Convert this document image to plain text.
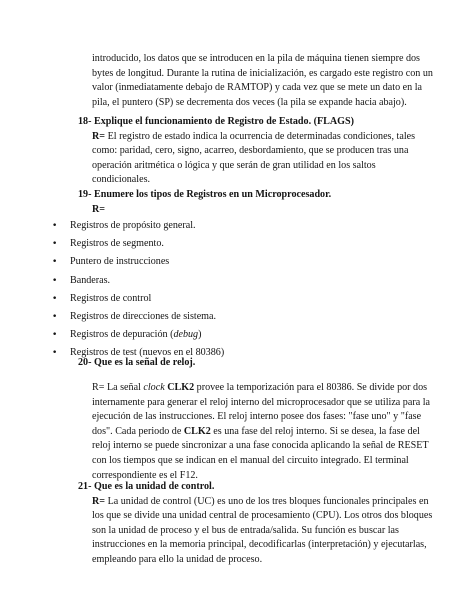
introducido, los datos que se introducen en la pila de máquina tienen siempre dos
bytes de longitud. Durante la rutina de inicialización, es cargado este registro con un
valor (inmediatamente debajo de RAMTOP) y cada vez que se mete un dato en la
pila, el puntero (SP) se decrementa dos veces (la pila se expande hacia abajo).
18- Explique el funcionamiento de Registro de Estado. (FLAGS)
R= El registro de estado indica la ocurrencia de determinadas condiciones, tales
como: paridad, cero, signo, acarreo, desbordamiento, que se producen tras una
operación aritmética o lógica y que serán de gran utilidad en los saltos
condicionales.
19- Enumere los tipos de Registros en un Microprocesador.
R=
• Registros de propósito general.
• Registros de segmento.
• Puntero de instrucciones
• Banderas.
• Registros de control
• Registros de direcciones de sistema.
• Registros de depuración (debug)
• Registros de test (nuevos en el 80386)
20- Que es la señal de reloj.
R= La señal clock CLK2 provee la temporización para el 80386. Se divide por dos
internamente para generar el reloj interno del microprocesador que se utiliza para la
ejecución de las instrucciones. El reloj interno posee dos fases: "fase uno" y "fase
dos". Cada periodo de CLK2 es una fase del reloj interno. Si se desea, la fase del
reloj interno se puede sincronizar a una fase conocida aplicando la señal de RESET
con los tiempos que se indican en el manual del circuito integrado. El terminal
correspondiente es el F12.
21- Que es la unidad de control.
R= La unidad de control (UC) es uno de los tres bloques funcionales principales en
los que se divide una unidad central de procesamiento (CPU). Los otros dos bloques
son la unidad de proceso y el bus de entrada/salida. Su función es buscar las
instrucciones en la memoria principal, decodificarlas (interpretación) y ejecutarlas,
empleando para ello la unidad de proceso.
